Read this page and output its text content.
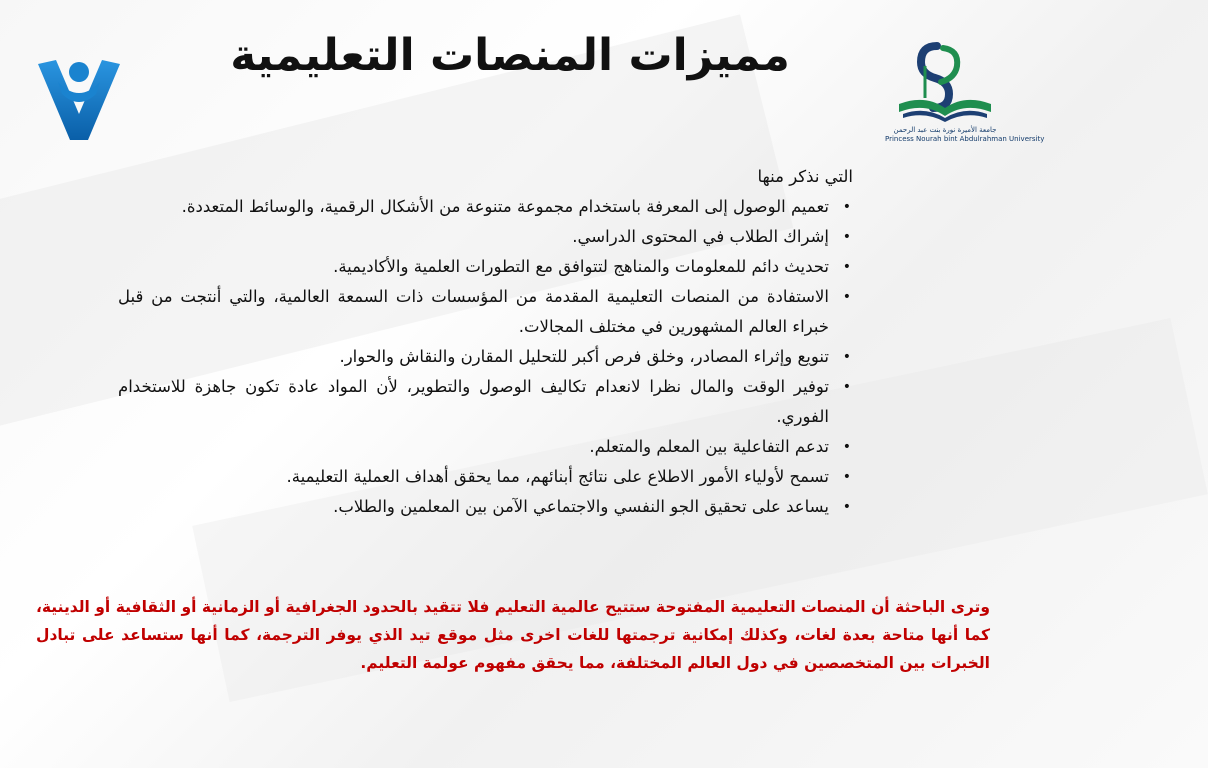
مميزات المنصات التعليمية
جامعة الأميرة نورة بنت عبد الرحمن
Princess Nourah bint Abdulrahman University

التي نذكر منها

•
تعميم الوصول إلى المعرفة باستخدام مجموعة متنوعة من الأشكال الرقمية، والوسائط المتعددة.
•
إشراك الطلاب في المحتوى الدراسي.
•
تحديث دائم للمعلومات والمناهج لتتوافق مع التطورات العلمية والأكاديمية.
•
الاستفادة من المنصات التعليمية المقدمة من المؤسسات ذات السمعة العالمية، والتي أنتجت من قبل خبراء العالم المشهورين في مختلف المجالات.
•
تنويع وإثراء المصادر، وخلق فرص أكبر للتحليل المقارن والنقاش والحوار.
•
توفير الوقت والمال نظرا لانعدام تكاليف الوصول والتطوير، لأن المواد عادة تكون جاهزة للاستخدام الفوري.
•
تدعم التفاعلية بين المعلم والمتعلم.
•
تسمح لأولياء الأمور الاطلاع على نتائج أبنائهم، مما يحقق أهداف العملية التعليمية.
•
يساعد على تحقيق الجو النفسي والاجتماعي الآمن بين المعلمين والطلاب.

وترى الباحثة أن المنصات التعليمية المفتوحة ستتيح عالمية التعليم فلا تتقيد بالحدود الجغرافية أو الزمانية أو الثقافية أو الدينية، كما أنها متاحة بعدة لغات، وكذلك إمكانية ترجمتها للغات اخرى مثل موقع تيد الذي يوفر الترجمة، كما أنها ستساعد على تبادل الخبرات بين المتخصصين في دول العالم المختلفة، مما يحقق مفهوم عولمة التعليم.
